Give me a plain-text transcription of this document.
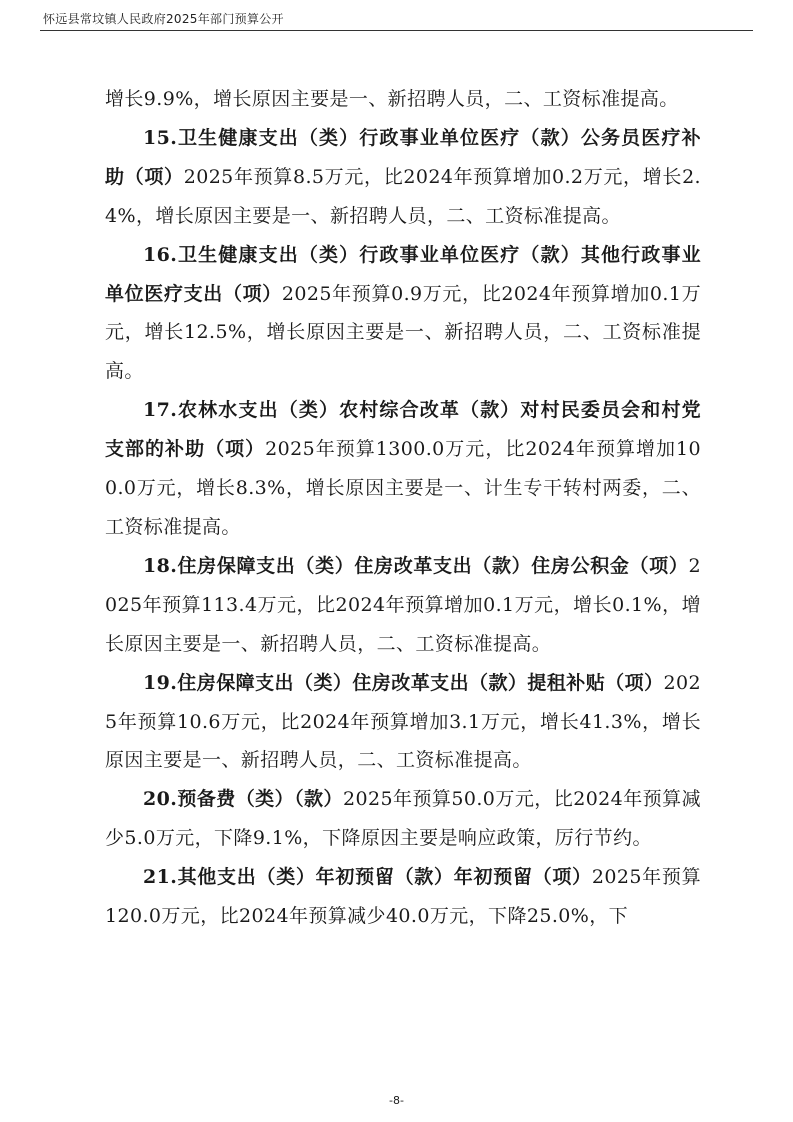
怀远县常坟镇人民政府2025年部门预算公开

增长9.9%，增长原因主要是一、新招聘人员，二、工资标准提高。

15.卫生健康支出（类）行政事业单位医疗（款）公务员医疗补助（项）2025年预算8.5万元，比2024年预算增加0.2万元，增长2.4%，增长原因主要是一、新招聘人员，二、工资标准提高。

16.卫生健康支出（类）行政事业单位医疗（款）其他行政事业单位医疗支出（项）2025年预算0.9万元，比2024年预算增加0.1万元，增长12.5%，增长原因主要是一、新招聘人员，二、工资标准提高。

17.农林水支出（类）农村综合改革（款）对村民委员会和村党支部的补助（项）2025年预算1300.0万元，比2024年预算增加100.0万元，增长8.3%，增长原因主要是一、计生专干转村两委，二、工资标准提高。

18.住房保障支出（类）住房改革支出（款）住房公积金（项）2025年预算113.4万元，比2024年预算增加0.1万元，增长0.1%，增长原因主要是一、新招聘人员，二、工资标准提高。

19.住房保障支出（类）住房改革支出（款）提租补贴（项）2025年预算10.6万元，比2024年预算增加3.1万元，增长41.3%，增长原因主要是一、新招聘人员，二、工资标准提高。

20.预备费（类）（款）2025年预算50.0万元，比2024年预算减少5.0万元，下降9.1%，下降原因主要是响应政策，厉行节约。

21.其他支出（类）年初预留（款）年初预留（项）2025年预算120.0万元，比2024年预算减少40.0万元，下降25.0%，下

-8-
